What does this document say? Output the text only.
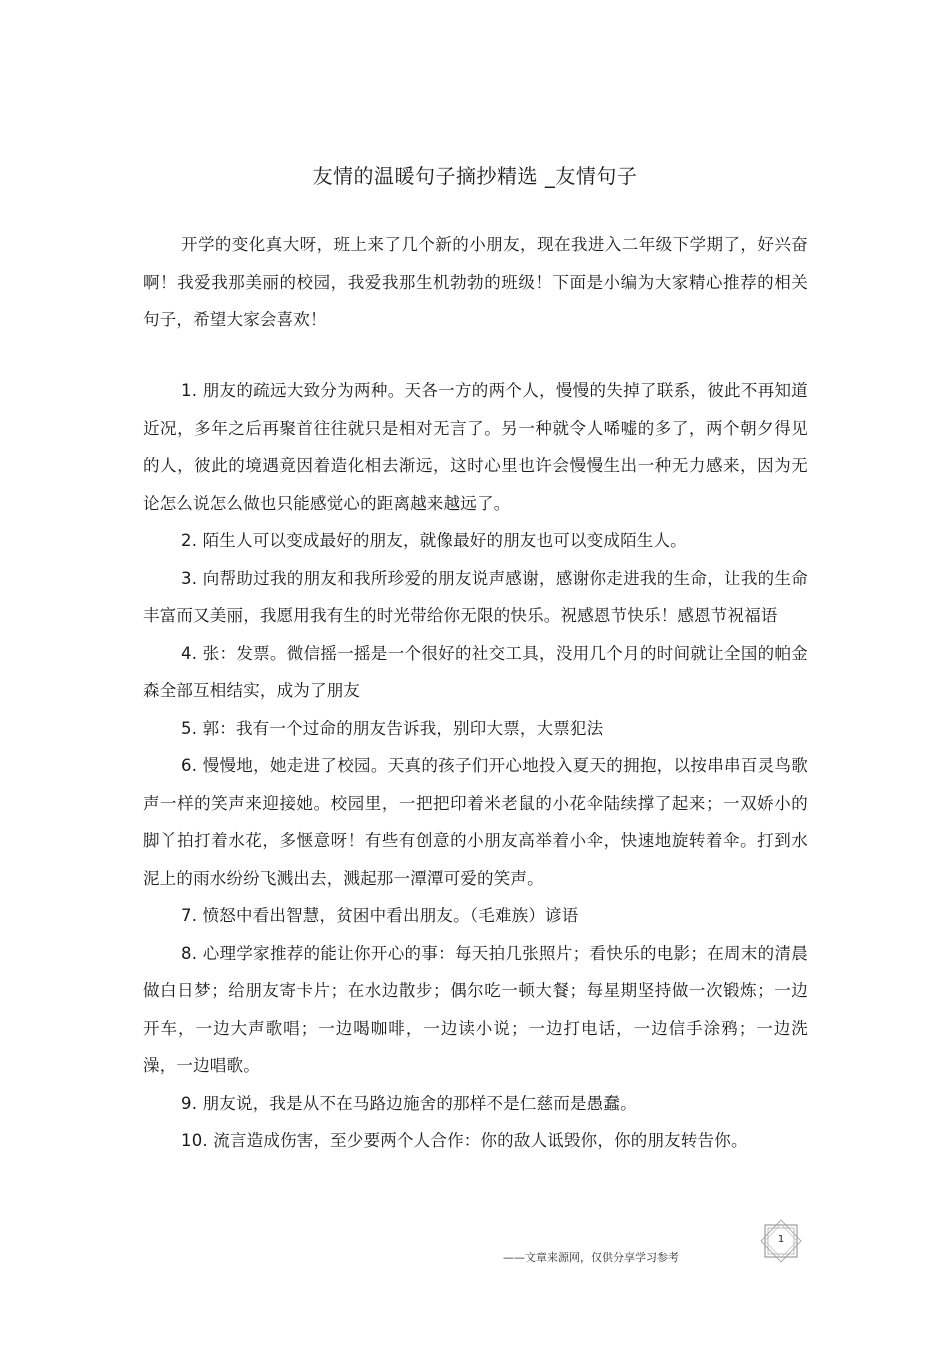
友情的温暖句子摘抄精选 _友情句子

开学的变化真大呀，班上来了几个新的小朋友，现在我进入二年级下学期了，好兴奋啊！我爱我那美丽的校园，我爱我那生机勃勃的班级！下面是小编为大家精心推荐的相关句子，希望大家会喜欢！

1. 朋友的疏远大致分为两种。天各一方的两个人，慢慢的失掉了联系，彼此不再知道近况，多年之后再聚首往往就只是相对无言了。另一种就令人唏嘘的多了，两个朝夕得见的人，彼此的境遇竟因着造化相去渐远，这时心里也许会慢慢生出一种无力感来，因为无论怎么说怎么做也只能感觉心的距离越来越远了。

2. 陌生人可以变成最好的朋友，就像最好的朋友也可以变成陌生人。

3. 向帮助过我的朋友和我所珍爱的朋友说声感谢，感谢你走进我的生命，让我的生命丰富而又美丽，我愿用我有生的时光带给你无限的快乐。祝感恩节快乐！感恩节祝福语

4. 张：发票。微信摇一摇是一个很好的社交工具，没用几个月的时间就让全国的帕金森全部互相结实，成为了朋友

5. 郭：我有一个过命的朋友告诉我，别印大票，大票犯法

6. 慢慢地，她走进了校园。天真的孩子们开心地投入夏天的拥抱，以按串串百灵鸟歌声一样的笑声来迎接她。校园里，一把把印着米老鼠的小花伞陆续撑了起来；一双娇小的脚丫拍打着水花，多惬意呀！有些有创意的小朋友高举着小伞，快速地旋转着伞。打到水泥上的雨水纷纷飞溅出去，溅起那一潭潭可爱的笑声。

7. 愤怒中看出智慧，贫困中看出朋友。（毛难族）谚语

8. 心理学家推荐的能让你开心的事：每天拍几张照片；看快乐的电影；在周末的清晨做白日梦；给朋友寄卡片；在水边散步；偶尔吃一顿大餐；每星期坚持做一次锻炼；一边开车，一边大声歌唱；一边喝咖啡，一边读小说；一边打电话，一边信手涂鸦；一边洗澡，一边唱歌。

9. 朋友说，我是从不在马路边施舍的那样不是仁慈而是愚蠢。

10. 流言造成伤害，至少要两个人合作：你的敌人诋毁你，你的朋友转告你。

——文章来源网，仅供分享学习参考
1
